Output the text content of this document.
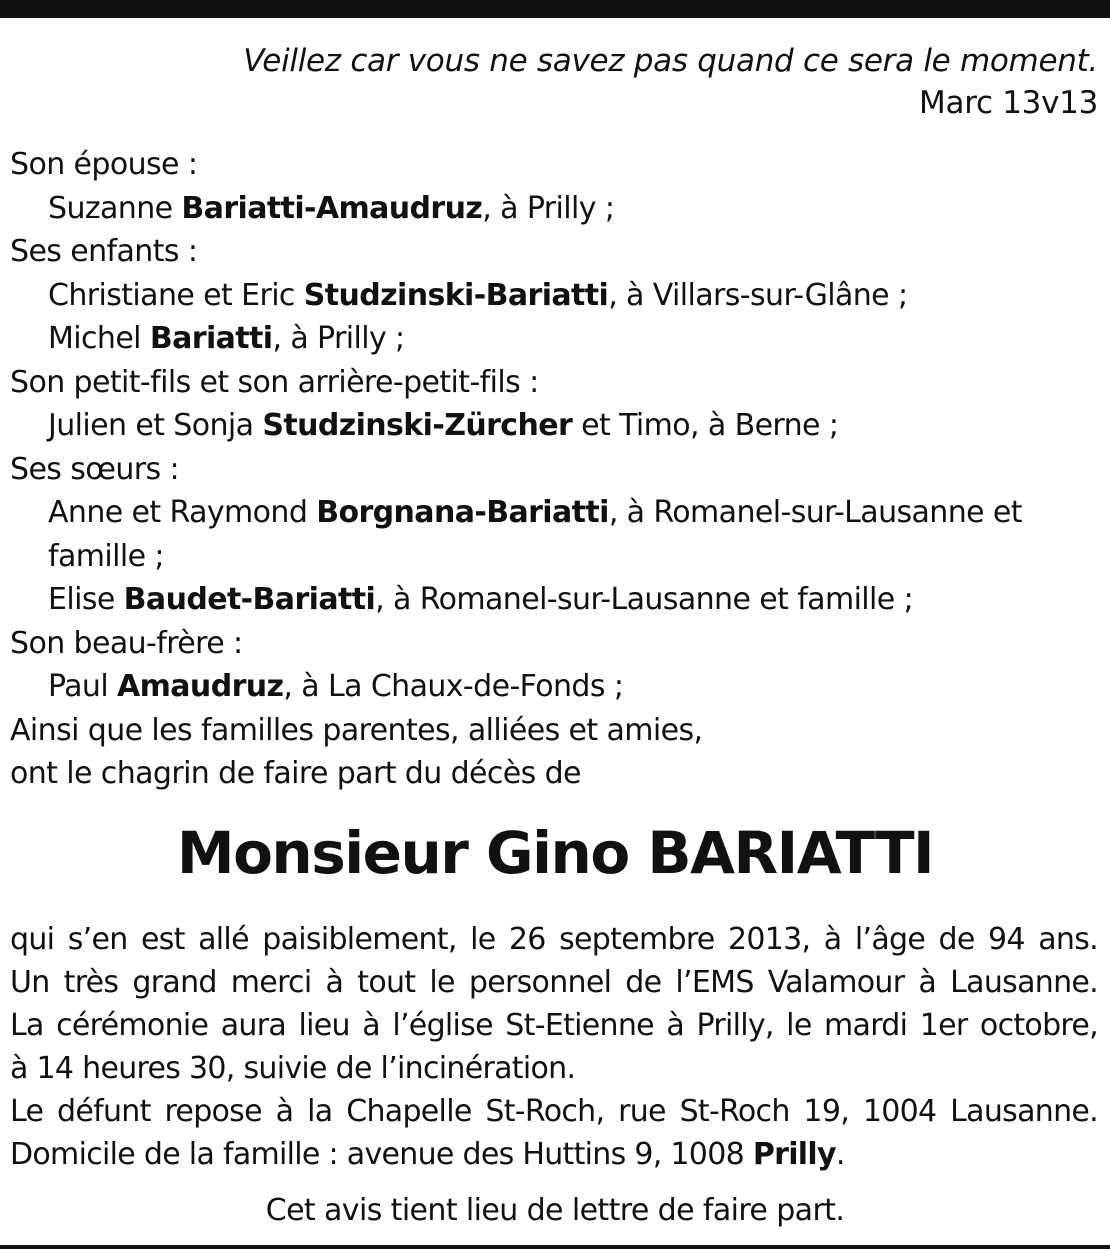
Veillez car vous ne savez pas quand ce sera le moment.
Marc 13v13
Son épouse :
Suzanne Bariatti-Amaudruz, à Prilly ;
Ses enfants :
Christiane et Eric Studzinski-Bariatti, à Villars-sur-Glâne ;
Michel Bariatti, à Prilly ;
Son petit-fils et son arrière-petit-fils :
Julien et Sonja Studzinski-Zürcher et Timo, à Berne ;
Ses sœurs :
Anne et Raymond Borgnana-Bariatti, à Romanel-sur-Lausanne et
famille ;
Elise Baudet-Bariatti, à Romanel-sur-Lausanne et famille ;
Son beau-frère :
Paul Amaudruz, à La Chaux-de-Fonds ;
Ainsi que les familles parentes, alliées et amies,
ont le chagrin de faire part du décès de
Monsieur Gino BARIATTI
qui s’en est allé paisiblement, le 26 septembre 2013, à l’âge de 94 ans.
Un très grand merci à tout le personnel de l’EMS Valamour à Lausanne.
La cérémonie aura lieu à l’église St-Etienne à Prilly, le mardi 1er octobre,
à 14 heures 30, suivie de l’incinération.
Le défunt repose à la Chapelle St-Roch, rue St-Roch 19, 1004 Lausanne.
Domicile de la famille : avenue des Huttins 9, 1008 Prilly.
Cet avis tient lieu de lettre de faire part.
